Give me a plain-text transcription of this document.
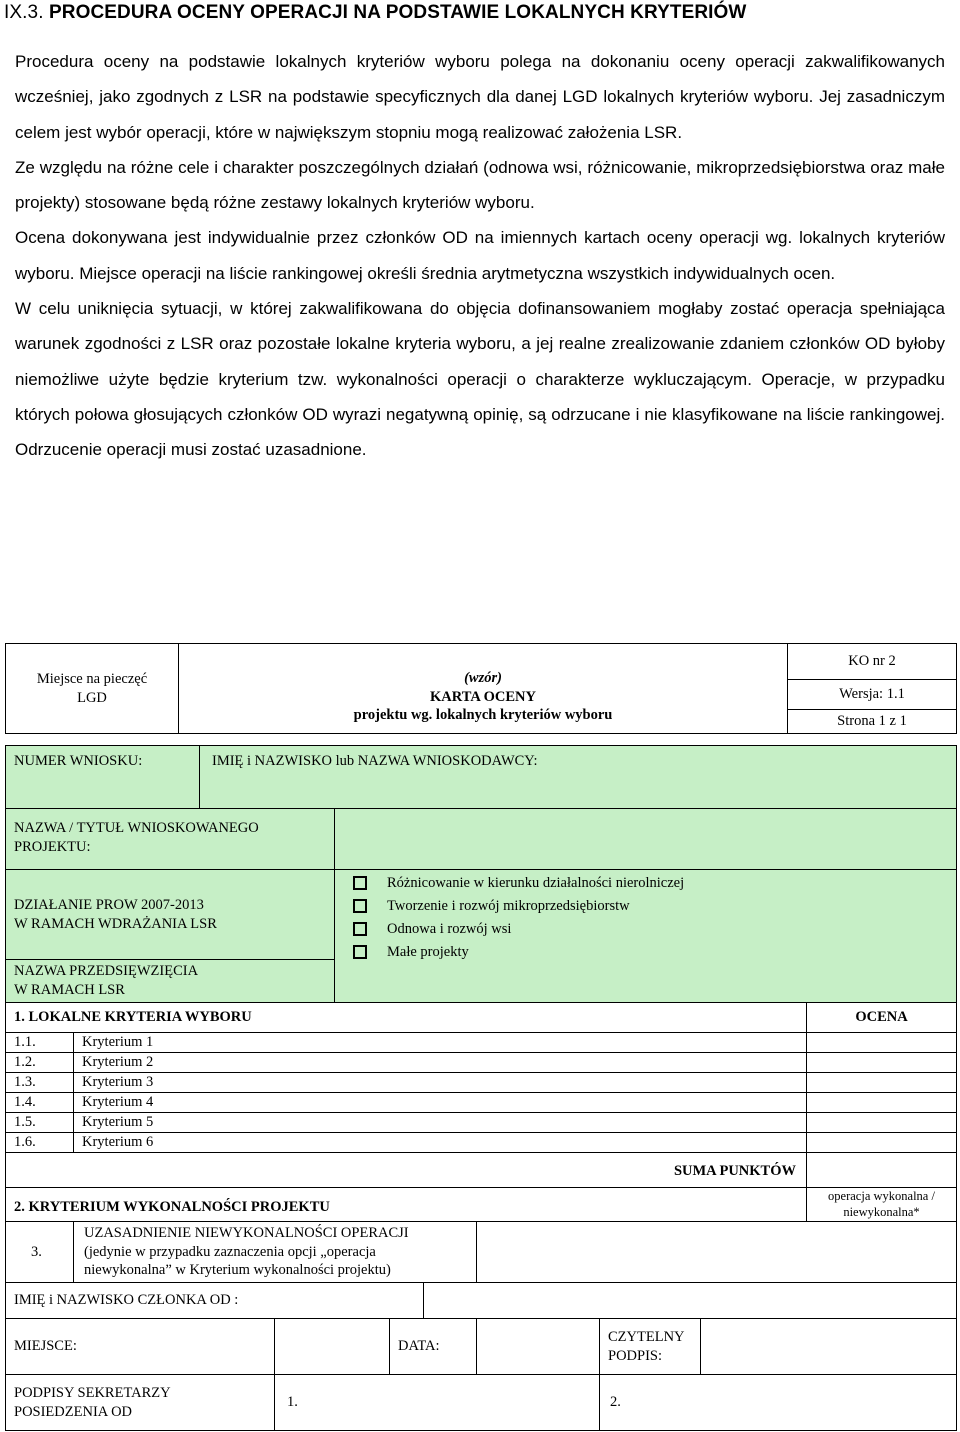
IX.3. PROCEDURA OCENY OPERACJI NA PODSTAWIE LOKALNYCH KRYTERIÓW

Procedura oceny na podstawie lokalnych kryteriów wyboru polega na dokonaniu oceny operacji zakwalifikowanych wcześniej, jako zgodnych z LSR na podstawie specyficznych dla danej LGD lokalnych kryteriów wyboru. Jej zasadniczym celem jest wybór operacji, które w największym stopniu mogą realizować założenia LSR.

Ze względu na różne cele i charakter poszczególnych działań (odnowa wsi, różnicowanie, mikroprzedsiębiorstwa oraz małe projekty) stosowane będą różne zestawy lokalnych kryteriów wyboru.

Ocena dokonywana jest indywidualnie przez członków OD na imiennych kartach oceny operacji wg. lokalnych kryteriów wyboru. Miejsce operacji na liście rankingowej określi średnia arytmetyczna wszystkich indywidualnych ocen.

W celu uniknięcia sytuacji, w której zakwalifikowana do objęcia dofinansowaniem mogłaby zostać operacja spełniająca warunek zgodności z LSR oraz pozostałe lokalne kryteria wyboru, a jej realne zrealizowanie zdaniem członków OD byłoby niemożliwe użyte będzie kryterium tzw. wykonalności operacji o charakterze wykluczającym. Operacje, w przypadku których połowa głosujących członków OD wyrazi negatywną opinię, są odrzucane i nie klasyfikowane na liście rankingowej. Odrzucenie operacji musi zostać uzasadnione.

Miejsce na pieczęć
LGD
(wzór)
KARTA OCENY
projektu wg. lokalnych kryteriów wyboru
KO nr 2
Wersja: 1.1
Strona 1 z 1
NUMER WNIOSKU:	IMIĘ i NAZWISKO lub NAZWA WNIOSKODAWCY:
NAZWA / TYTUŁ WNIOSKOWANEGO
PROJEKTU:
DZIAŁANIE PROW 2007-2013
W RAMACH WDRAŻANIA LSR
NAZWA PRZEDSIĘWZIĘCIA
W RAMACH LSR
Różnicowanie w kierunku działalności nierolniczej
Tworzenie i rozwój mikroprzedsiębiorstw
Odnowa i rozwój wsi
Małe projekty
1. LOKALNE KRYTERIA WYBORU	OCENA
1.1.	Kryterium 1
1.2.	Kryterium 2
1.3.	Kryterium 3
1.4.	Kryterium 4
1.5.	Kryterium 5
1.6.	Kryterium 6
SUMA PUNKTÓW
2. KRYTERIUM WYKONALNOŚCI PROJEKTU
operacja wykonalna /
niewykonalna*
3.
UZASADNIENIE NIEWYKONALNOŚCI OPERACJI
(jedynie w przypadku zaznaczenia opcji „operacja
niewykonalna” w Kryterium wykonalności projektu)
IMIĘ i NAZWISKO CZŁONKA OD :
MIEJSCE:	DATA:
CZYTELNY
PODPIS:
PODPISY SEKRETARZY
POSIEDZENIA OD
1.	2.
